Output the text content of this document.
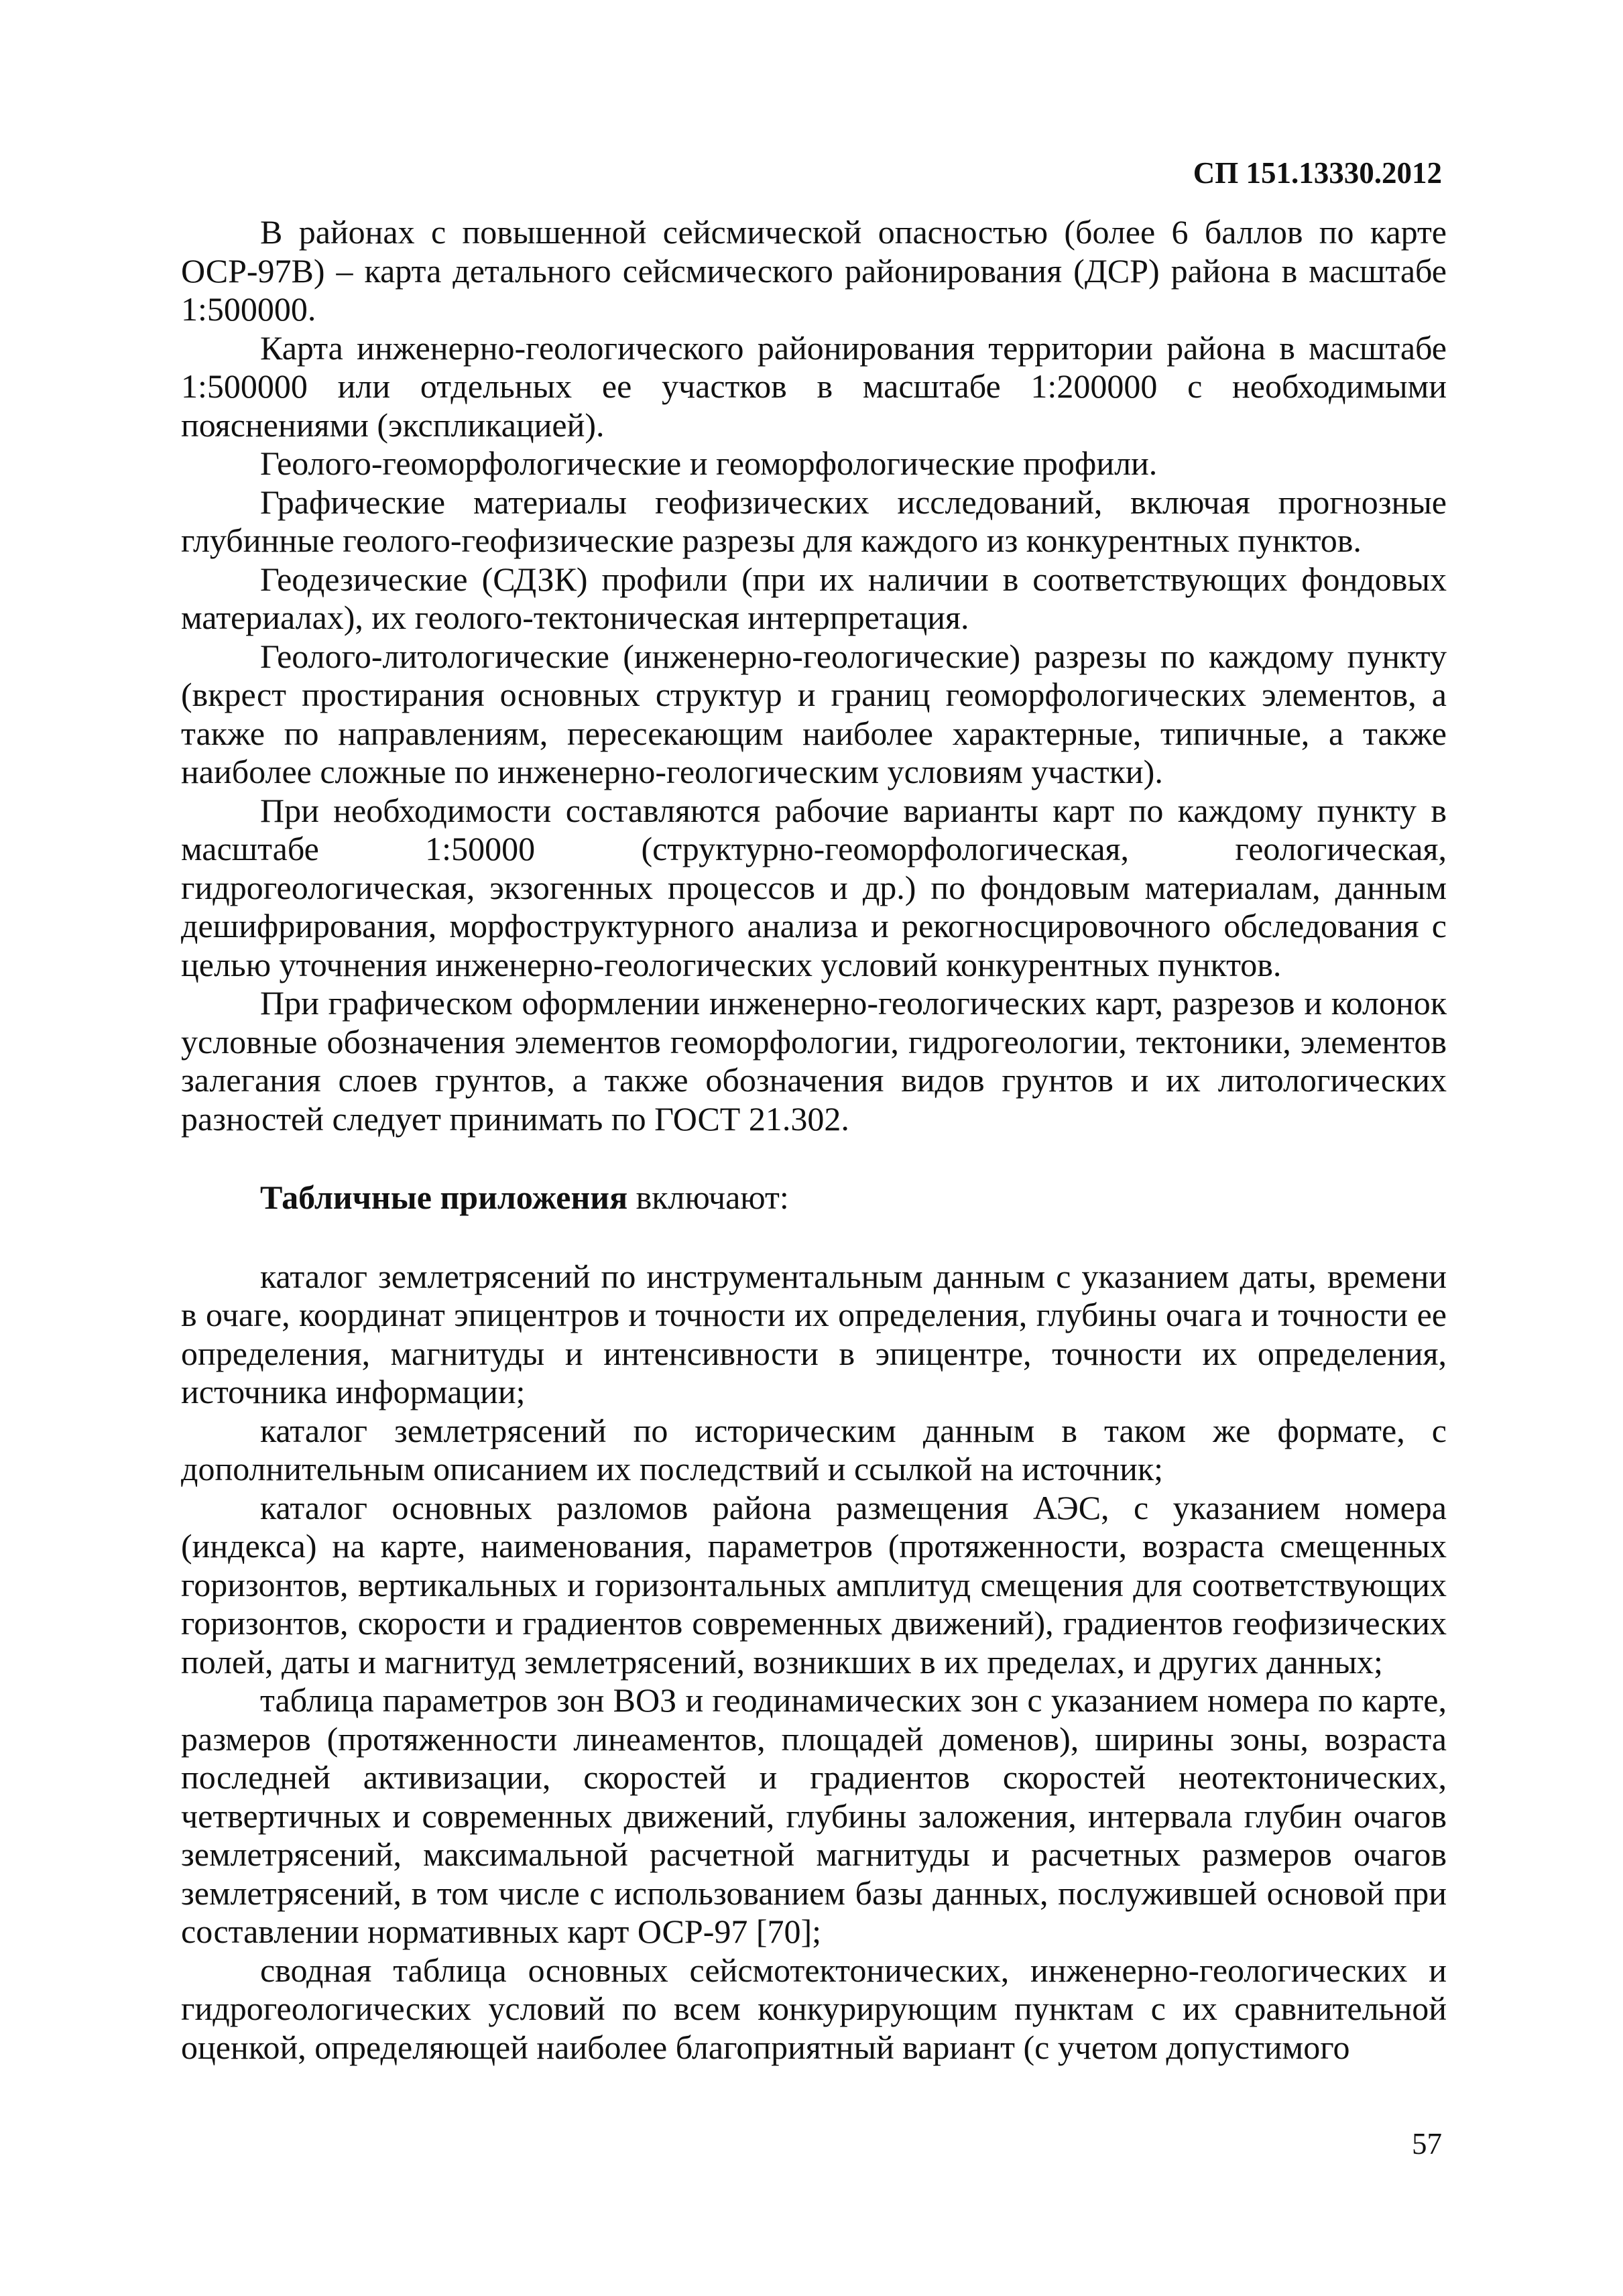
СП 151.13330.2012

В районах с повышенной сейсмической опасностью (более 6 баллов по карте ОСР-97В) – карта детального сейсмического районирования (ДСР) района в масштабе 1:500000.

Карта инженерно-геологического районирования территории района в масштабе 1:500000 или отдельных ее участков в масштабе 1:200000 с необходимыми пояснениями (экспликацией).

Геолого-геоморфологические и геоморфологические профили.

Графические материалы геофизических исследований, включая прогнозные глубинные геолого-геофизические разрезы для каждого из конкурентных пунктов.

Геодезические (СДЗК) профили (при их наличии в соответствующих фондовых материалах), их геолого-тектоническая интерпретация.

Геолого-литологические (инженерно-геологические) разрезы по каждому пункту (вкрест простирания основных структур и границ геоморфологических элементов, а также по направлениям, пересекающим наиболее характерные, типичные, а также наиболее сложные по инженерно-геологическим условиям участки).

При необходимости составляются рабочие варианты карт по каждому пункту в масштабе 1:50000 (структурно-геоморфологическая, геологическая, гидрогеологическая, экзогенных процессов и др.) по фондовым материалам, данным дешифрирования, морфоструктурного анализа и рекогносцировочного обследования с целью уточнения инженерно-геологических условий конкурентных пунктов.

При графическом оформлении инженерно-геологических карт, разрезов и колонок условные обозначения элементов геоморфологии, гидрогеологии, тектоники, элементов залегания слоев грунтов, а также обозначения видов грунтов и их литологических разностей следует принимать по ГОСТ 21.302.

Табличные приложения включают:

каталог землетрясений по инструментальным данным с указанием даты, времени в очаге, координат эпицентров и точности их определения, глубины очага и точности ее определения, магнитуды и интенсивности в эпицентре, точности их определения, источника информации;

каталог землетрясений по историческим данным в таком же формате, с дополнительным описанием их последствий и ссылкой на источник;

каталог основных разломов района размещения АЭС, с указанием номера (индекса) на карте, наименования, параметров (протяженности, возраста смещенных горизонтов, вертикальных и горизонтальных амплитуд смещения для соответствующих горизонтов, скорости и градиентов современных движений), градиентов геофизических полей, даты и магнитуд землетрясений, возникших в их пределах, и других данных;

таблица параметров зон ВОЗ и геодинамических зон с указанием номера по карте, размеров (протяженности линеаментов, площадей доменов), ширины зоны, возраста последней активизации, скоростей и градиентов скоростей неотектонических, четвертичных и современных движений, глубины заложения, интервала глубин очагов землетрясений, максимальной расчетной магнитуды и расчетных размеров очагов землетрясений, в том числе с использованием базы данных, послужившей основой при составлении нормативных карт ОСР-97 [70];

сводная таблица основных сейсмотектонических, инженерно-геологических и гидрогеологических условий по всем конкурирующим пунктам с их сравнительной оценкой, определяющей наиболее благоприятный вариант (с учетом допустимого

57
